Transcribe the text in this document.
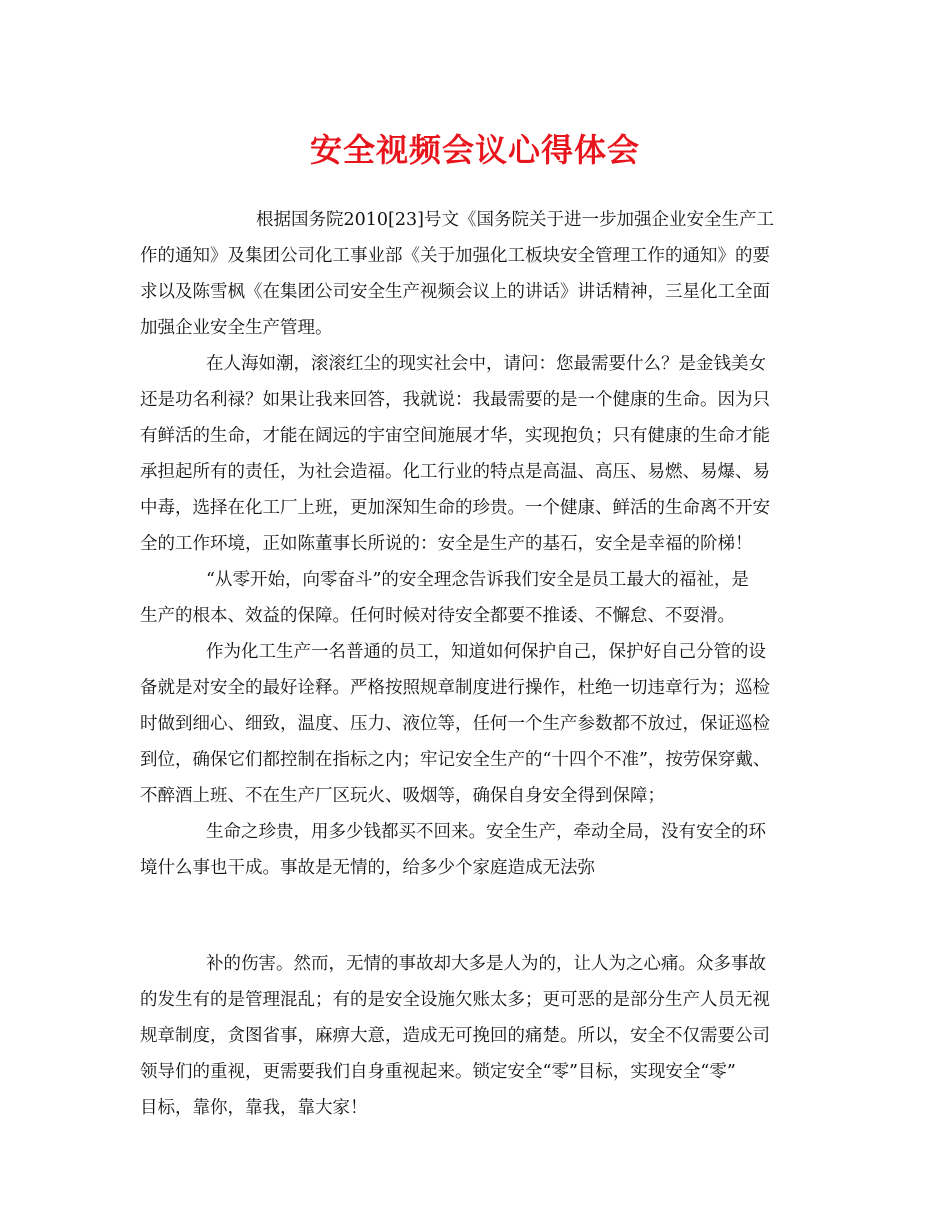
安全视频会议心得体会
根据国务院2010[23]号文《国务院关于进一步加强企业安全生产工
作的通知》及集团公司化工事业部《关于加强化工板块安全管理工作的通知》的要
求以及陈雪枫《在集团公司安全生产视频会议上的讲话》讲话精神，三星化工全面
加强企业安全生产管理。
在人海如潮，滚滚红尘的现实社会中，请问：您最需要什么？是金钱美女
还是功名利禄？如果让我来回答，我就说：我最需要的是一个健康的生命。因为只
有鲜活的生命，才能在阔远的宇宙空间施展才华，实现抱负；只有健康的生命才能
承担起所有的责任，为社会造福。化工行业的特点是高温、高压、易燃、易爆、易
中毒，选择在化工厂上班，更加深知生命的珍贵。一个健康、鲜活的生命离不开安
全的工作环境，正如陈董事长所说的：安全是生产的基石，安全是幸福的阶梯！
“从零开始，向零奋斗”的安全理念告诉我们安全是员工最大的福祉，是
生产的根本、效益的保障。任何时候对待安全都要不推诿、不懈怠、不耍滑。
作为化工生产一名普通的员工，知道如何保护自己，保护好自己分管的设
备就是对安全的最好诠释。严格按照规章制度进行操作，杜绝一切违章行为；巡检
时做到细心、细致，温度、压力、液位等，任何一个生产参数都不放过，保证巡检
到位，确保它们都控制在指标之内；牢记安全生产的“十四个不准”，按劳保穿戴、
不醉酒上班、不在生产厂区玩火、吸烟等，确保自身安全得到保障；
生命之珍贵，用多少钱都买不回来。安全生产，牵动全局，没有安全的环
境什么事也干成。事故是无情的，给多少个家庭造成无法弥
补的伤害。然而，无情的事故却大多是人为的，让人为之心痛。众多事故
的发生有的是管理混乱；有的是安全设施欠账太多；更可恶的是部分生产人员无视
规章制度，贪图省事，麻痹大意，造成无可挽回的痛楚。所以，安全不仅需要公司
领导们的重视，更需要我们自身重视起来。锁定安全“零”目标，实现安全“零”
目标，靠你，靠我，靠大家！
